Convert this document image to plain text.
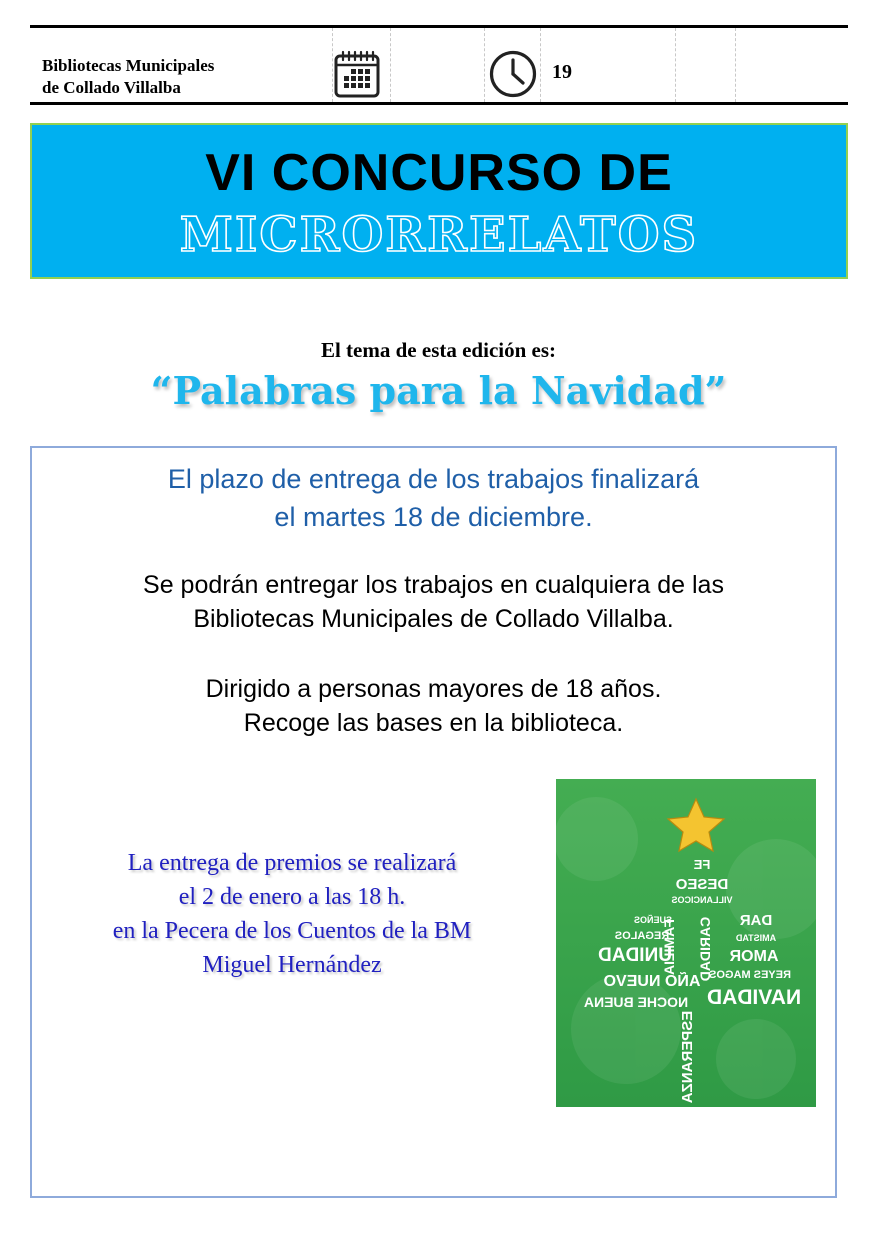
Bibliotecas Municipales
de Collado Villalba
19
VI CONCURSO DE
MICRORRELATOS
El tema de esta edición es:
“Palabras para la Navidad”
El plazo de entrega de los trabajos finalizará
el martes 18 de diciembre.
Se podrán entregar los trabajos en cualquiera de las
Bibliotecas Municipales de Collado Villalba.
Dirigido a personas mayores de 18 años.
Recoge las bases en la biblioteca.
La entrega de premios se realizará
el 2 de enero a las 18 h.
en la Pecera de los Cuentos de la BM
Miguel Hernández
FE
DESEO
VILLANCICOS
SUEÑOS	DAR
REGALOS	AMISTAD
UNIDAD	AMOR
REYES MAGOS
AÑO NUEVO
NAVIDAD
NOCHE BUENA
FAMILIA CARIDAD
ESPERANZA
